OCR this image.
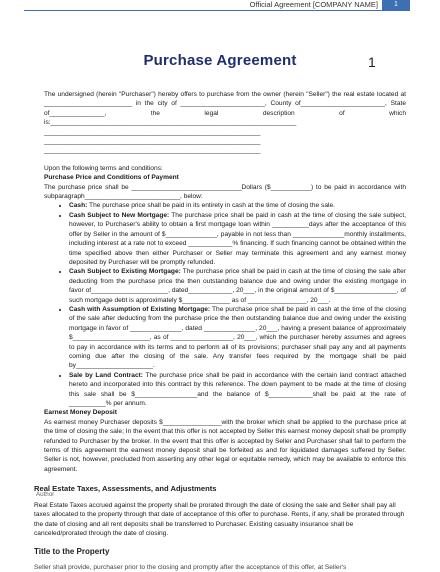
Official Agreement [COMPANY NAME]	1
Purchase Agreement	1

The undersigned (herein "Purchaser") hereby offers to purchase from the owner (herein "Seller") the real estate located at ________________________ in the city of _______________________, County of_______________________, State of_______________, the legal description of which is:___________________________________________________________________

___________________________________________________________

___________________________________________________________

___________________________________________________________

Upon the following terms and conditions:

Purchase Price and Conditions of Payment

The purchase price shall be ______________________________Dollars ($___________) to be paid in accordance with subparagraph__________________________, below:

• Cash: The purchase price shall be paid in its entirety in cash at the time of closing the sale.
• Cash Subject to New Mortgage: The purchase price shall be paid in cash at the time of closing the sale subject, however, to Purchaser's ability to obtain a first mortgage loan within __________days after the acceptance of this offer by Seller in the amount of $______________, payable in not less than ______________monthly installments, including interest at a rate not to exceed ____________% financing. If such financing cannot be obtained within the time specified above then either Purchaser or Seller may terminate this agreement and any earnest money deposited by Purchaser will be promptly refunded.
• Cash Subject to Existing Mortgage: The purchase price shall be paid in cash at the time of closing the sale after deducting from the purchase price the then outstanding balance due and owing under the existing mortgage in favor of_____________________, dated____________, 20___, in the original amount of $_________________, of such mortgage debt is approximately $_____________ as of ________________, 20___.
• Cash with Assumption of Existing Mortgage: The purchase price shall be paid in cash at the time of the closing of the sale after deducting from the purchase price the then outstanding balance due and owing under the existing mortgage in favor of ______________, dated ______________, 20___, having a present balance of approximately $_____________________, as of _________________, 20___, which the purchaser hereby assumes and agrees to pay in accordance with its terms and to perform all of its provisions; purchaser shall pay any and all payments coming due after the closing of the sale. Any transfer fees required by the mortgage shall be paid by_____________________.
• Sale by Land Contract: The purchase price shall be paid in accordance with the certain land contract attached hereto and incorporated into this contract by this reference. The down payment to be made at the time of closing this sale shall be $_________________and the balance of $____________shall be paid at the rate of __________% per annum.

Earnest Money Deposit

As earnest money Purchaser deposits $________________with the broker which shall be applied to the purchase price at the time of closing the sale; In the event that this offer is not accepted by Seller this earnest money deposit shall be promptly refunded to Purchaser by the broker. In the event that this offer is accepted by Seller and Purchaser shall fail to perform the terms of this agreement the earnest money deposit shall be forfeited as and for liquidated damages suffered by Seller. Seller is not, however, precluded from asserting any other legal or equitable remedy, which may be available to enforce this agreement.

Real Estate Taxes, Assessments, and Adjustments
Author
Real Estate Taxes accrued against the property shall be prorated through the date of closing the sale and Seller shall pay all taxes allocated to the property through that date of acceptance of this offer to purchase. Rents, if any, shall be prorated through the date of closing and all rent deposits shall be transferred to Purchaser. Existing casualty insurance shall be canceled/prorated through the date of closing.
Title to the Property
Seller shall provide, purchaser prior to the closing and promptly after the acceptance of this offer, at Seller's
